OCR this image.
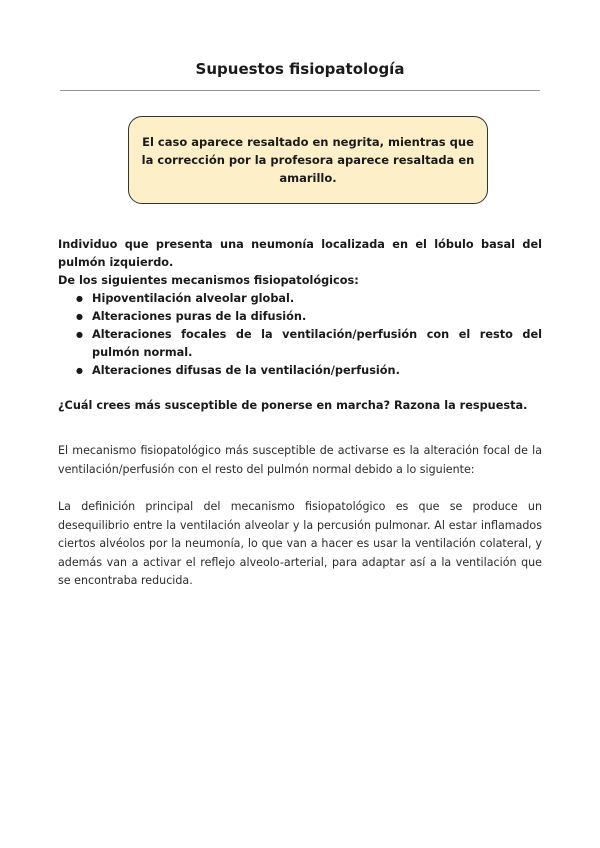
Supuestos fisiopatología
El caso aparece resaltado en negrita, mientras que la corrección por la profesora aparece resaltada en amarillo.

Individuo que presenta una neumonía localizada en el lóbulo basal del pulmón izquierdo.

De los siguientes mecanismos fisiopatológicos:

● Hipoventilación alveolar global.
● Alteraciones puras de la difusión.
● Alteraciones focales de la ventilación/perfusión con el resto del pulmón normal.
● Alteraciones difusas de la ventilación/perfusión.

¿Cuál crees más susceptible de ponerse en marcha? Razona la respuesta.

El mecanismo fisiopatológico más susceptible de activarse es la alteración focal de la ventilación/perfusión con el resto del pulmón normal debido a lo siguiente:

La definición principal del mecanismo fisiopatológico es que se produce un desequilibrio entre la ventilación alveolar y la percusión pulmonar. Al estar inflamados ciertos alvéolos por la neumonía, lo que van a hacer es usar la ventilación colateral, y además van a activar el reflejo alveolo-arterial, para adaptar así a la ventilación que se encontraba reducida.
